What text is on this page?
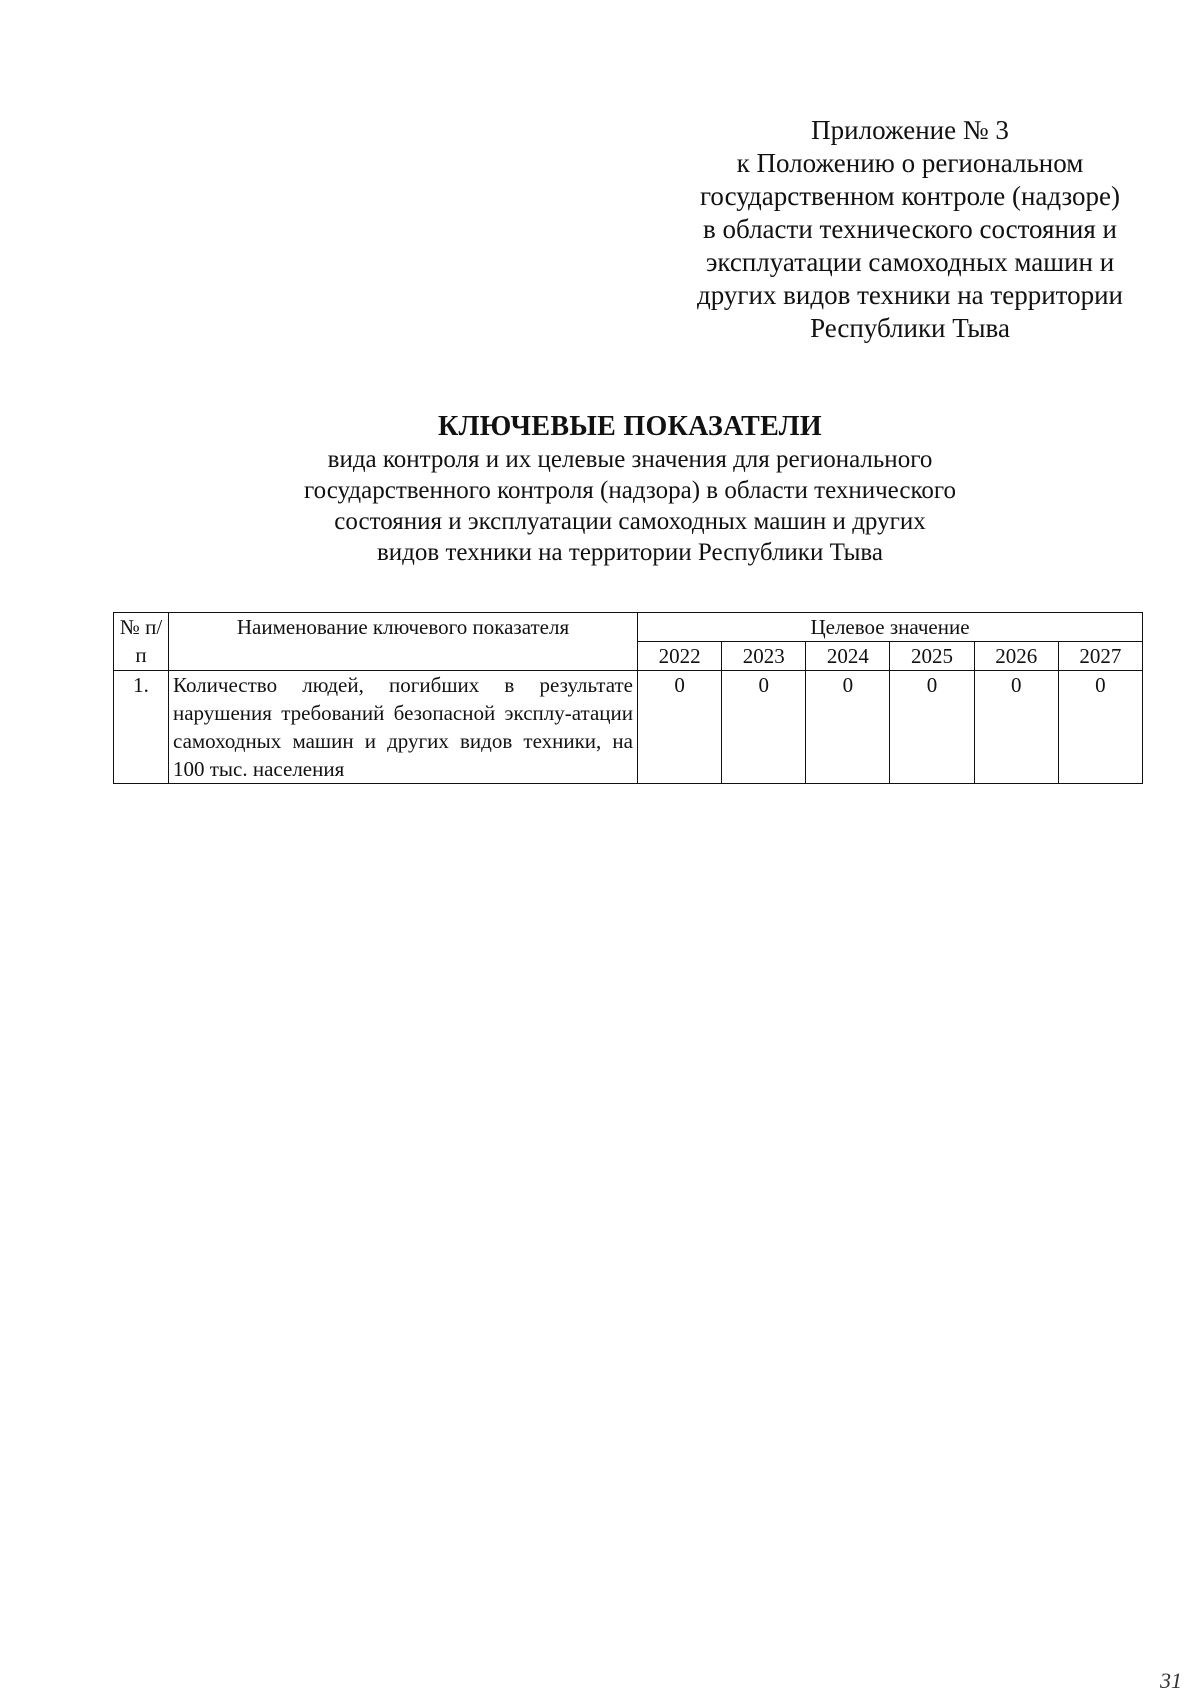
Приложение № 3
к Положению о региональном
государственном контроле (надзоре)
в области технического состояния и
эксплуатации самоходных машин и
других видов техники на территории
Республики Тыва
КЛЮЧЕВЫЕ ПОКАЗАТЕЛИ
вида контроля и их целевые значения для регионального
государственного контроля (надзора) в области технического
состояния и эксплуатации самоходных машин и других
видов техники на территории Республики Тыва
№ п/п	Наименование ключевого показателя	Целевое значение					
		2022	2023	2024	2025	2026	2027
1.	Количество людей, погибших в результате нарушения требований безопасной эксплу-атации самоходных машин и других видов техники, на 100 тыс. населения	0	0	0	0	0	0
31
